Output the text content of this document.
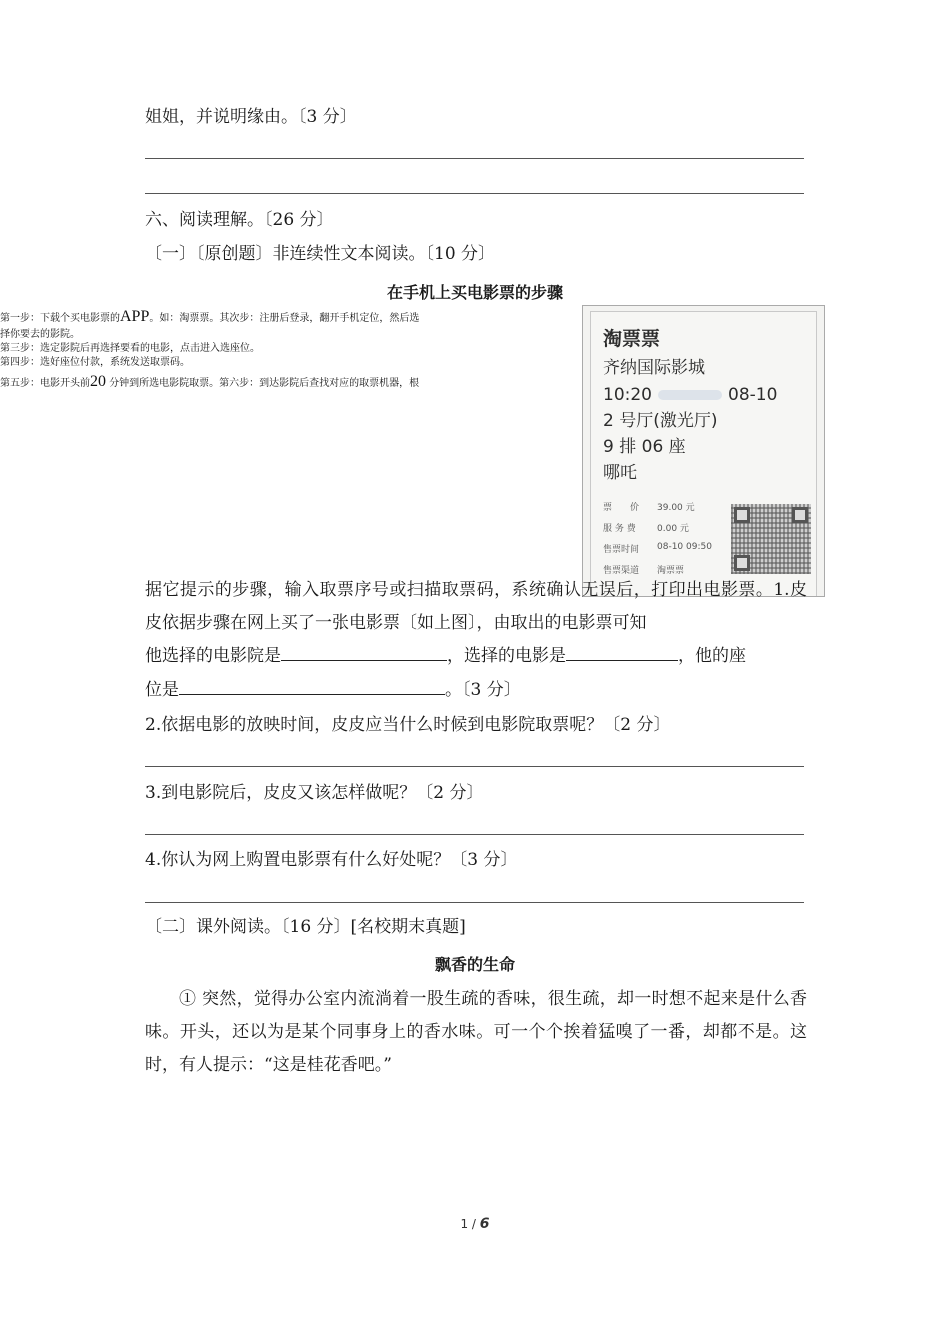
姐姐，并说明缘由。〔3 分〕
六、阅读理解。〔26 分〕
〔一〕〔原创题〕非连续性文本阅读。〔10 分〕
在手机上买电影票的步骤
第一步：下载个买电影票的APP。如：淘票票。其次步：注册后登录，翻开手机定位，然后选
择你要去的影院。
第三步：选定影院后再选择要看的电影，点击进入选座位。
第四步：选好座位付款，系统发送取票码。
第五步：电影开头前20 分钟到所选电影院取票。第六步：到达影院后查找对应的取票机器，根
淘票票
齐纳国际影城
10:20	08-10
2 号厅(激光厅)
9 排 06 座
哪吒
票　　价 39.00 元
服 务 费 0.00 元
售票时间 08-10 09:50
售票渠道 淘票票
据它提示的步骤，输入取票序号或扫描取票码，系统确认无误后，打印出电影票。1.皮皮依据步骤在网上买了一张电影票〔如上图〕，由取出的电影票可知
他选择的电影院是	，选择的电影是	，他的座
位是	。〔3 分〕
2.依据电影的放映时间，皮皮应当什么时候到电影院取票呢？〔2 分〕
3.到电影院后，皮皮又该怎样做呢？〔2 分〕
4.你认为网上购置电影票有什么好处呢？〔3 分〕
〔二〕课外阅读。〔16 分〕[名校期末真题]
飘香的生命
① 突然，觉得办公室内流淌着一股生疏的香味，很生疏，却一时想不起来是什么香味。开头，还以为是某个同事身上的香水味。可一个个挨着猛嗅了一番，却都不是。这时，有人提示：“这是桂花香吧。”
1 / 6
